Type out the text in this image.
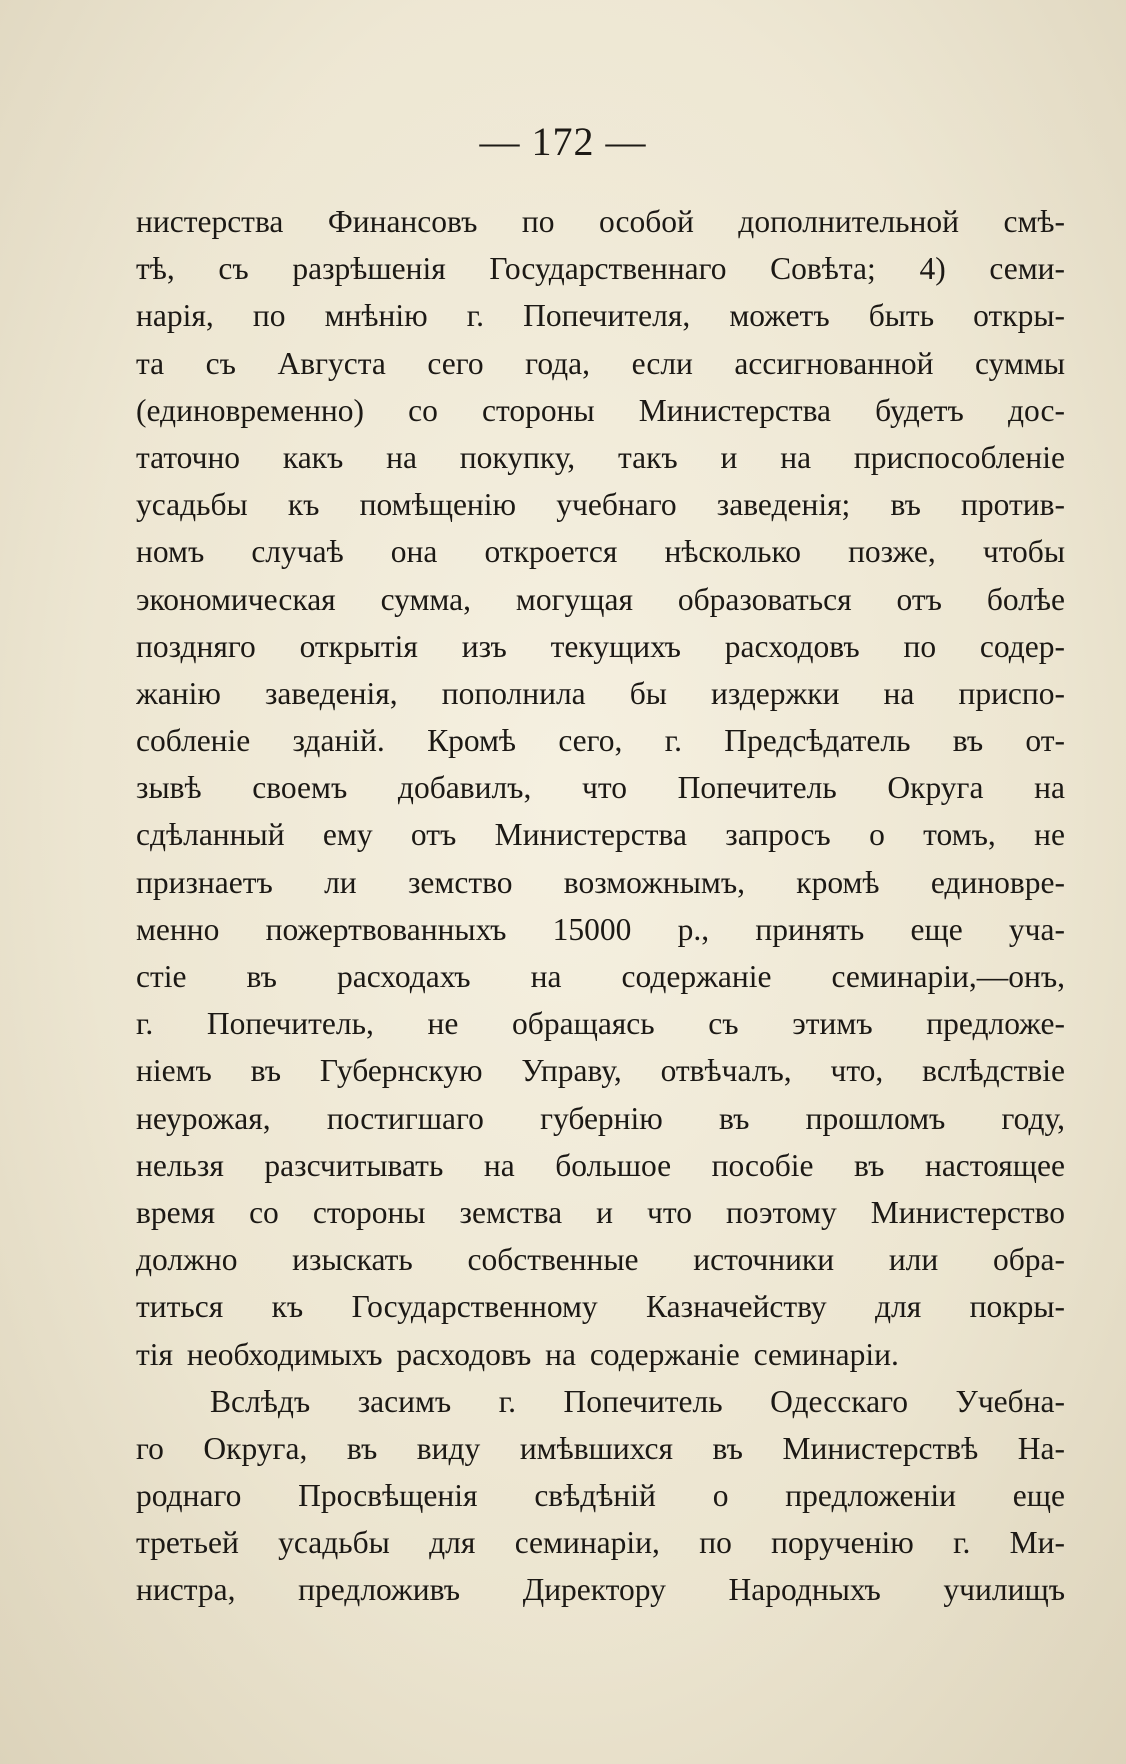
— 172 —
нистерства Финансовъ по особой дополнительной смѣ-
тѣ, съ разрѣшенія Государственнаго Совѣта; 4) семи-
нарія, по мнѣнію г. Попечителя, можетъ быть откры-
та съ Августа сего года, если ассигнованной суммы
(единовременно) со стороны Министерства будетъ дос-
таточно какъ на покупку, такъ и на приспособленіе
усадьбы къ помѣщенію учебнаго заведенія; въ против-
номъ случаѣ она откроется нѣсколько позже, чтобы
экономическая сумма, могущая образоваться отъ болѣе
поздняго открытія изъ текущихъ расходовъ по содер-
жанію заведенія, пополнила бы издержки на приспо-
собленіе зданій. Кромѣ сего, г. Предсѣдатель въ от-
зывѣ своемъ добавилъ, что Попечитель Округа на
сдѣланный ему отъ Министерства запросъ о томъ, не
признаетъ ли земство возможнымъ, кромѣ единовре-
менно пожертвованныхъ 15000 р., принять еще уча-
стіе въ расходахъ на содержаніе семинаріи,—онъ,
г. Попечитель, не обращаясь съ этимъ предложе-
ніемъ въ Губернскую Управу, отвѣчалъ, что, вслѣдствіе
неурожая, постигшаго губернію въ прошломъ году,
нельзя разсчитывать на большое пособіе въ настоящее
время со стороны земства и что поэтому Министерство
должно изыскать собственные источники или обра-
титься къ Государственному Казначейству для покры-
тія необходимыхъ расходовъ на содержаніе семинаріи.
Вслѣдъ засимъ г. Попечитель Одесскаго Учебна-
го Округа, въ виду имѣвшихся въ Министерствѣ На-
роднаго Просвѣщенія свѣдѣній о предложеніи еще
третьей усадьбы для семинаріи, по порученію г. Ми-
нистра, предложивъ Директору Народныхъ училищъ
